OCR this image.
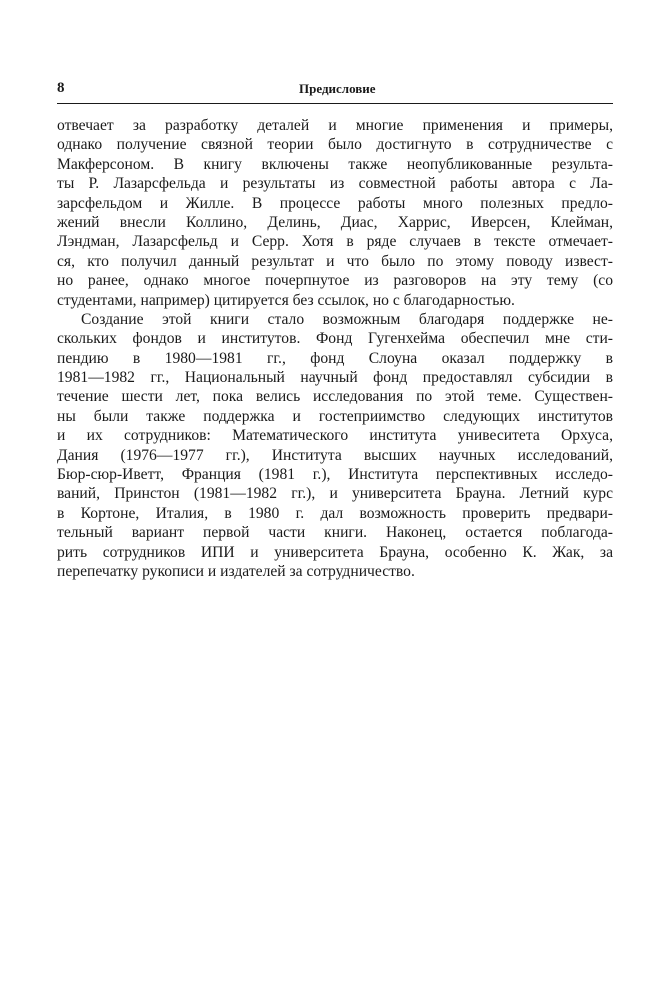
8	Предисловие
отвечает за разработку деталей и многие применения и примеры,
однако получение связной теории было достигнуто в сотрудничестве с
Макферсоном. В книгу включены также неопубликованные результа-
ты Р. Лазарсфельда и результаты из совместной работы автора с Ла-
зарсфельдом и Жилле. В процессе работы много полезных предло-
жений внесли Коллино, Делинь, Диас, Харрис, Иверсен, Клейман,
Лэндман, Лазарсфельд и Серр. Хотя в ряде случаев в тексте отмечает-
ся, кто получил данный результат и что было по этому поводу извест-
но ранее, однако многое почерпнутое из разговоров на эту тему (со
студентами, например) цитируется без ссылок, но с благодарностью.
Создание этой книги стало возможным благодаря поддержке не-
скольких фондов и институтов. Фонд Гугенхейма обеспечил мне сти-
пендию в 1980—1981 гг., фонд Слоуна оказал поддержку в
1981—1982 гг., Национальный научный фонд предоставлял субсидии в
течение шести лет, пока велись исследования по этой теме. Существен-
ны были также поддержка и гостеприимство следующих институтов
и их сотрудников: Математического института унивеситета Орхуса,
Дания (1976—1977 гг.), Института высших научных исследований,
Бюр-сюр-Иветт, Франция (1981 г.), Института перспективных исследо-
ваний, Принстон (1981—1982 гг.), и университета Брауна. Летний курс
в Кортоне, Италия, в 1980 г. дал возможность проверить предвари-
тельный вариант первой части книги. Наконец, остается поблагода-
рить сотрудников ИПИ и университета Брауна, особенно К. Жак, за
перепечатку рукописи и издателей за сотрудничество.
